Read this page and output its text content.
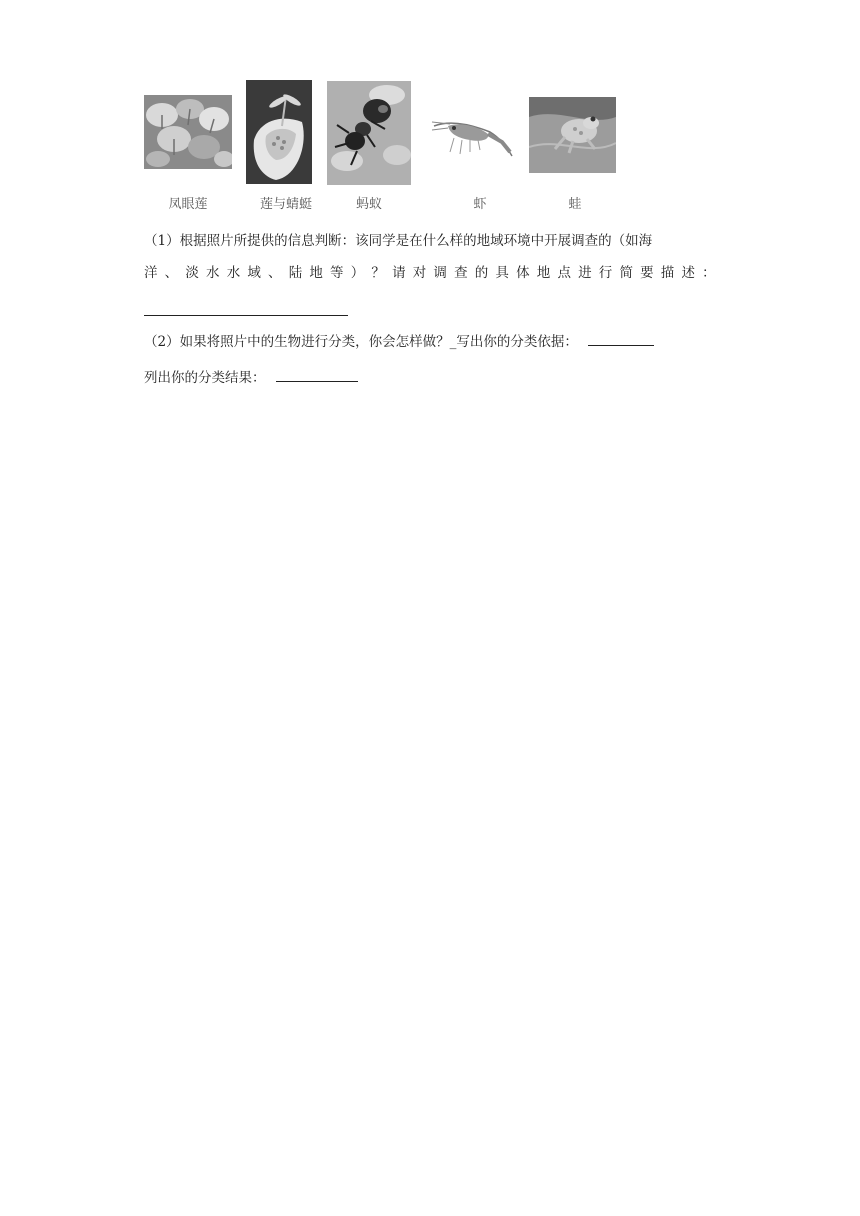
凤眼莲	莲与蜻蜓	蚂蚁	虾	蛙
（1）根据照片所提供的信息判断：该同学是在什么样的地域环境中开展调查的（如海
洋 、 淡 水 水 域 、 陆 地 等 ） ？ 请 对 调 查 的 具 体 地 点 进 行 简 要 描 述 ：
（2）如果将照片中的生物进行分类，你会怎样做？_写出你的分类依据：
列出你的分类结果：
